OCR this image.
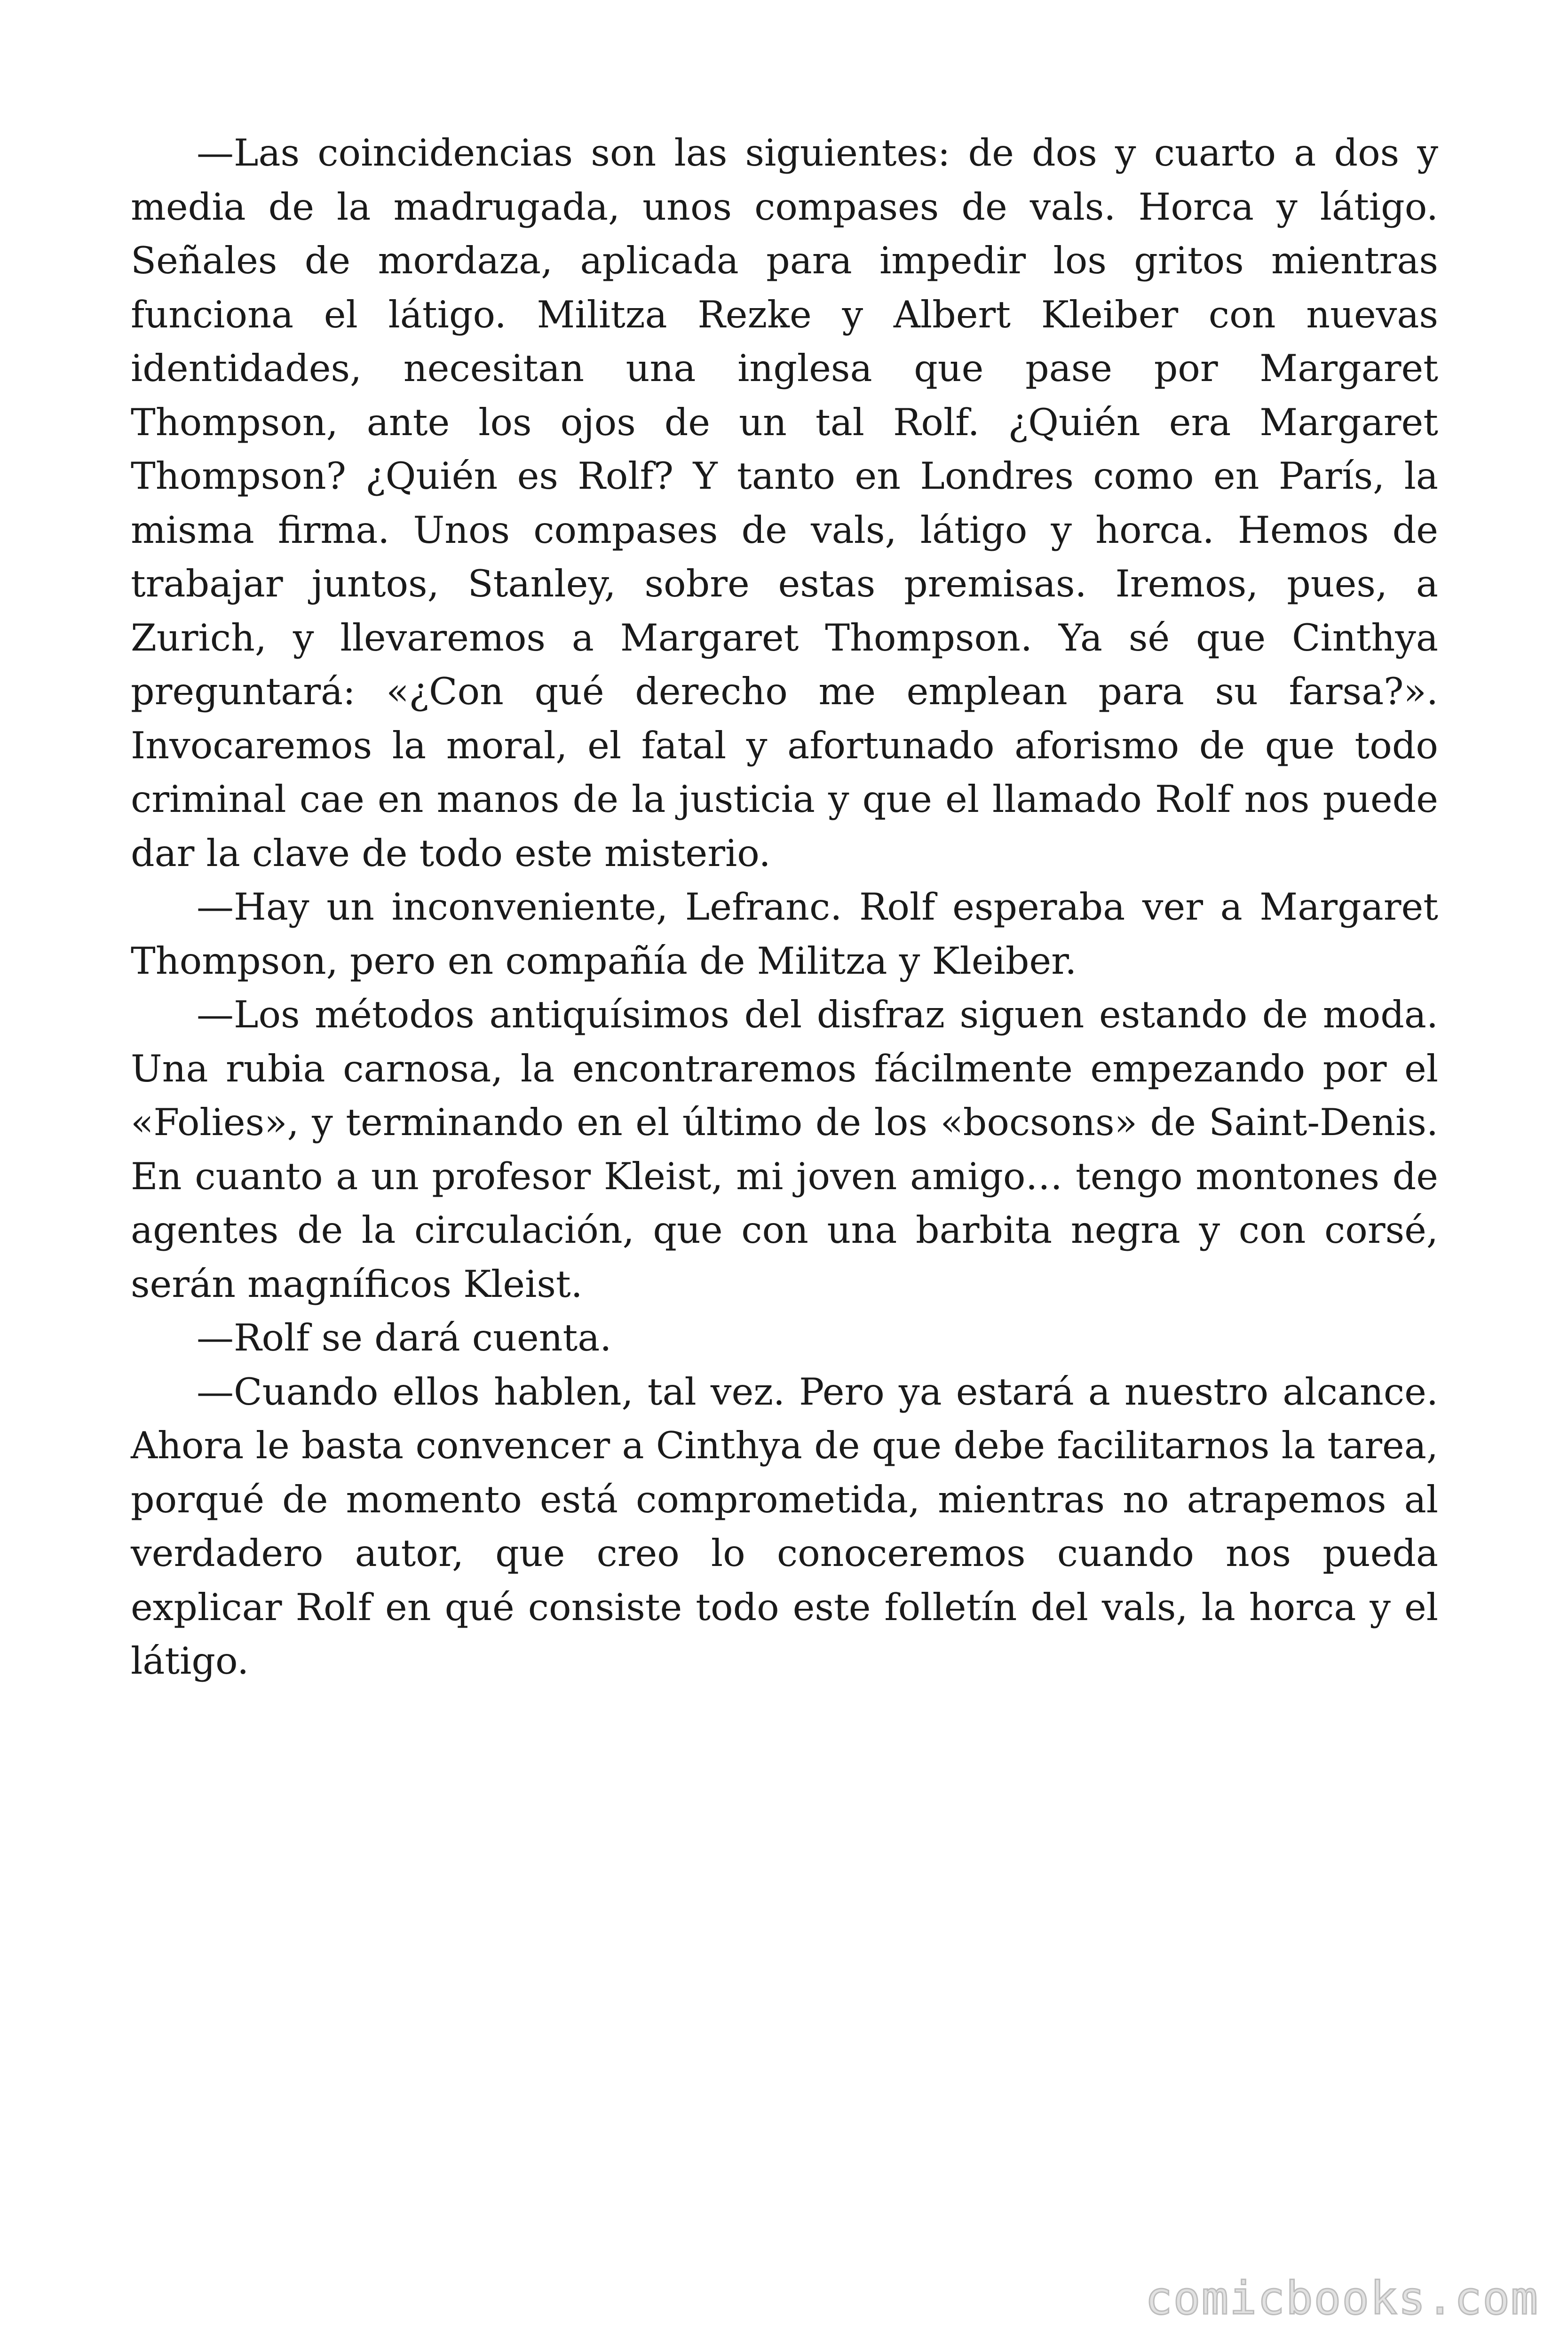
—Las coincidencias son las siguientes: de dos y cuarto a dos y media de la madrugada, unos compases de vals. Horca y látigo. Señales de mordaza, aplicada para impedir los gritos mientras funciona el látigo. Militza Rezke y Albert Kleiber con nuevas identidades, necesitan una inglesa que pase por Margaret Thompson, ante los ojos de un tal Rolf. ¿Quién era Margaret Thompson? ¿Quién es Rolf? Y tanto en Londres como en París, la misma firma. Unos compases de vals, látigo y horca. Hemos de trabajar juntos, Stanley, sobre estas premisas. Iremos, pues, a Zurich, y llevaremos a Margaret Thompson. Ya sé que Cinthya preguntará: «¿Con qué derecho me emplean para su farsa?». Invocaremos la moral, el fatal y afortunado aforismo de que todo criminal cae en manos de la justicia y que el llamado Rolf nos puede dar la clave de todo este misterio.

—Hay un inconveniente, Lefranc. Rolf esperaba ver a Margaret Thompson, pero en compañía de Militza y Kleiber.

—Los métodos antiquísimos del disfraz siguen estando de moda. Una rubia carnosa, la encontraremos fácilmente empezando por el «Folies», y terminando en el último de los «bocsons» de Saint-Denis. En cuanto a un profesor Kleist, mi joven amigo… tengo montones de agentes de la circulación, que con una barbita negra y con corsé, serán magníficos Kleist.

—Rolf se dará cuenta.

—Cuando ellos hablen, tal vez. Pero ya estará a nuestro alcance. Ahora le basta convencer a Cinthya de que debe facilitarnos la tarea, porqué de momento está comprometida, mientras no atrapemos al verdadero autor, que creo lo conoceremos cuando nos pueda explicar Rolf en qué consiste todo este folletín del vals, la horca y el látigo.

comicbooks.com
